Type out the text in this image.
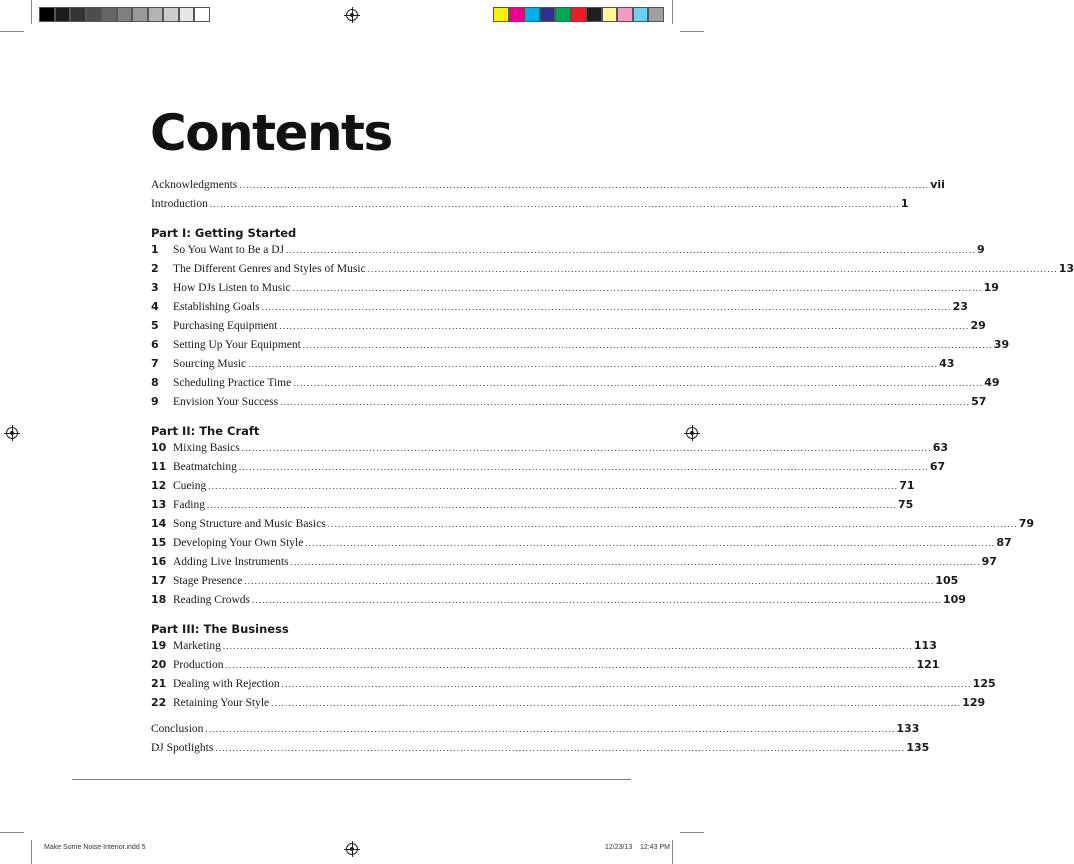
Contents
Acknowledgments ........................................................................................................................................................................................................ vii
Introduction ........................................................................................................................................................................................................ 1
Part I: Getting Started
1	So You Want to Be a DJ ........................................................................................................................................................................................................ 9
2	The Different Genres and Styles of Music ........................................................................................................................................................................................................ 13
3	How DJs Listen to Music ........................................................................................................................................................................................................ 19
4	Establishing Goals ........................................................................................................................................................................................................ 23
5	Purchasing Equipment ........................................................................................................................................................................................................ 29
6	Setting Up Your Equipment ........................................................................................................................................................................................................ 39
7	Sourcing Music ........................................................................................................................................................................................................ 43
8	Scheduling Practice Time ........................................................................................................................................................................................................ 49
9	Envision Your Success ........................................................................................................................................................................................................ 57
Part II: The Craft
10 Mixing Basics ........................................................................................................................................................................................................ 63
11 Beatmatching ........................................................................................................................................................................................................ 67
12 Cueing ........................................................................................................................................................................................................ 71
13 Fading ........................................................................................................................................................................................................ 75
14 Song Structure and Music Basics ........................................................................................................................................................................................................ 79
15 Developing Your Own Style ........................................................................................................................................................................................................ 87
16 Adding Live Instruments ........................................................................................................................................................................................................ 97
17 Stage Presence ........................................................................................................................................................................................................ 105
18 Reading Crowds ........................................................................................................................................................................................................ 109
Part III: The Business
19 Marketing ........................................................................................................................................................................................................ 113
20 Production ........................................................................................................................................................................................................ 121
21 Dealing with Rejection ........................................................................................................................................................................................................ 125
22 Retaining Your Style ........................................................................................................................................................................................................ 129
Conclusion ........................................................................................................................................................................................................ 133
DJ Spotlights ........................................................................................................................................................................................................ 135
Make Some Noise Interior.indd 5	12/23/13 12:43 PM
